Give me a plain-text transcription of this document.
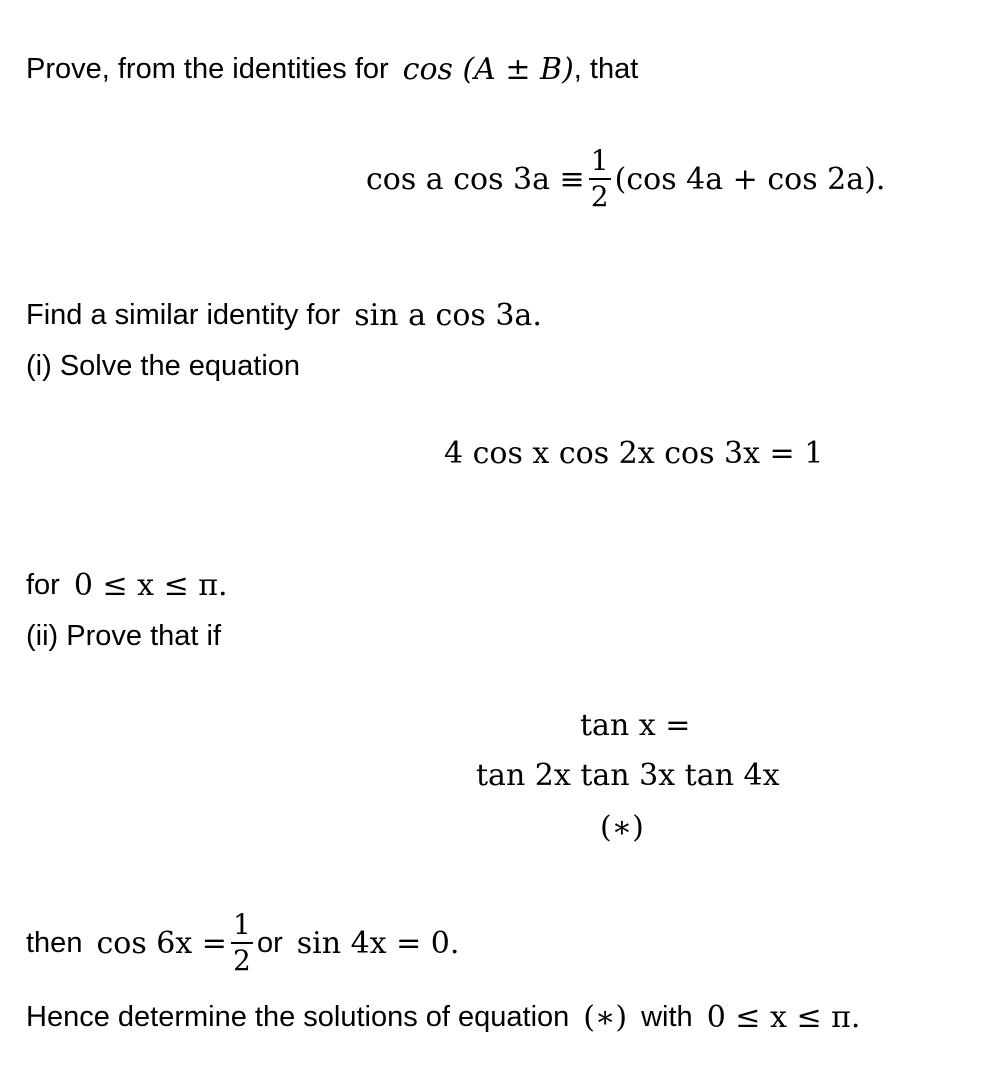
Prove, from the identities for cos (A ± B) , that
cos a $\cos 3a \equiv \frac{1}{2} (\cos$ 4a + cos 2a).
Find a similar identity for sin a cos 3a .
(i) Solve the equation
4 cos x cos 2x cos 3x = 1
for 0 ≤ x ≤ π .
(ii) Prove that if
tan x =
tan 2x tan 3x tan 4x
(∗)
then $\cos 6x = \frac{1}{2}$ or sin 4x = 0 .
Hence determine the solutions of equation (∗) with 0 ≤ x ≤ π .
